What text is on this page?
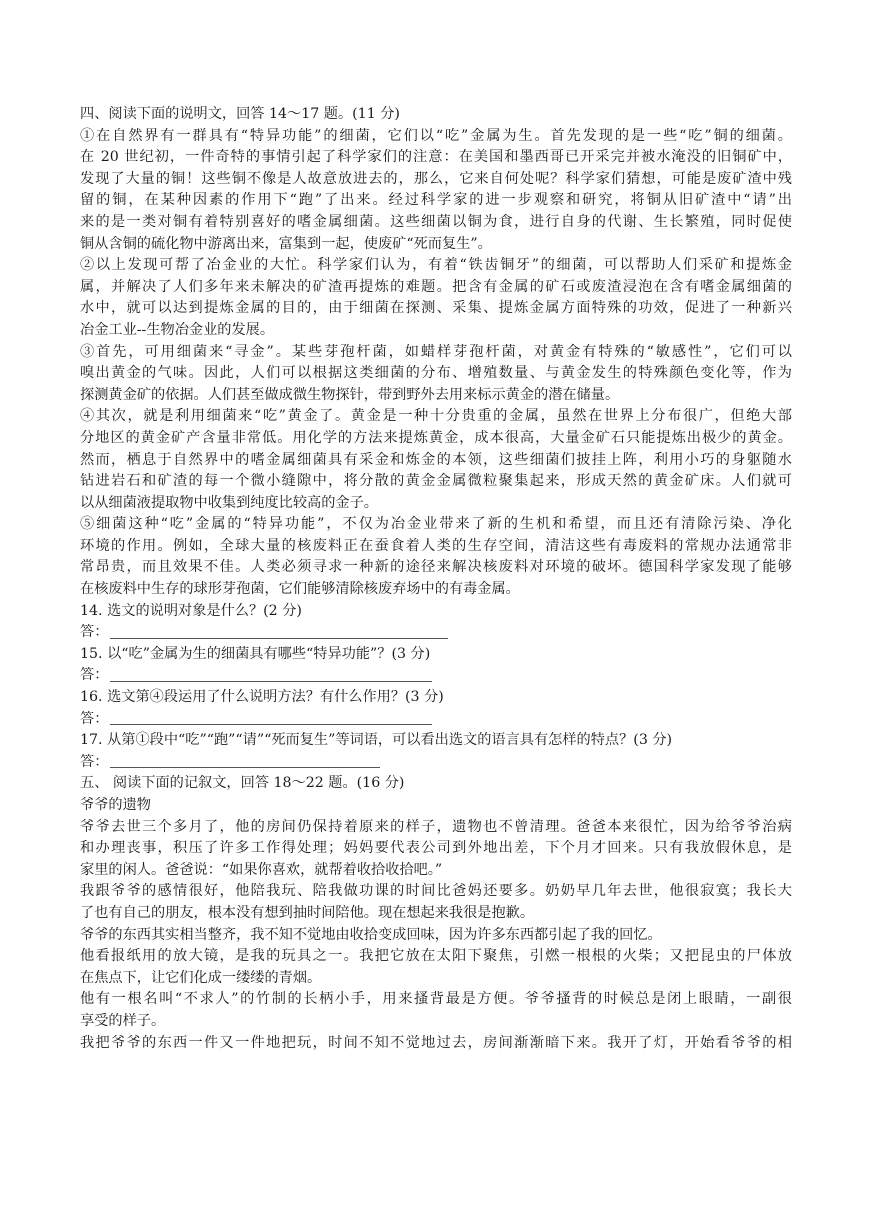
四、阅读下面的说明文，回答 14～17 题。(11 分)

①在自然界有一群具有“特异功能”的细菌，它们以“吃”金属为生。首先发现的是一些“吃”铜的细菌。

在 20 世纪初，一件奇特的事情引起了科学家们的注意：在美国和墨西哥已开采完并被水淹没的旧铜矿中，

发现了大量的铜！这些铜不像是人故意放进去的，那么，它来自何处呢？科学家们猜想，可能是废矿渣中残

留的铜，在某种因素的作用下“跑”了出来。经过科学家的进一步观察和研究，将铜从旧矿渣中“请”出

来的是一类对铜有着特别喜好的嗜金属细菌。这些细菌以铜为食，进行自身的代谢、生长繁殖，同时促使

铜从含铜的硫化物中游离出来，富集到一起，使废矿“死而复生”。

②以上发现可帮了冶金业的大忙。科学家们认为，有着“铁齿铜牙”的细菌，可以帮助人们采矿和提炼金

属，并解决了人们多年来未解决的矿渣再提炼的难题。把含有金属的矿石或废渣浸泡在含有嗜金属细菌的

水中，就可以达到提炼金属的目的，由于细菌在探测、采集、提炼金属方面特殊的功效，促进了一种新兴

冶金工业--生物冶金业的发展。

③首先，可用细菌来“寻金”。某些芽孢杆菌，如蜡样芽孢杆菌，对黄金有特殊的“敏感性”，它们可以

嗅出黄金的气味。因此，人们可以根据这类细菌的分布、增殖数量、与黄金发生的特殊颜色变化等，作为

探测黄金矿的依据。人们甚至做成微生物探针，带到野外去用来标示黄金的潜在储量。

④其次，就是利用细菌来“吃”黄金了。黄金是一种十分贵重的金属，虽然在世界上分布很广，但绝大部

分地区的黄金矿产含量非常低。用化学的方法来提炼黄金，成本很高，大量金矿石只能提炼出极少的黄金。

然而，栖息于自然界中的嗜金属细菌具有采金和炼金的本领，这些细菌们披挂上阵，利用小巧的身躯随水

钻进岩石和矿渣的每一个微小缝隙中，将分散的黄金金属微粒聚集起来，形成天然的黄金矿床。人们就可

以从细菌液提取物中收集到纯度比较高的金子。

⑤细菌这种“吃”金属的“特异功能”，不仅为冶金业带来了新的生机和希望，而且还有清除污染、净化

环境的作用。例如，全球大量的核废料正在蚕食着人类的生存空间，清洁这些有毒废料的常规办法通常非

常昂贵，而且效果不佳。人类必须寻求一种新的途径来解决核废料对环境的破坏。德国科学家发现了能够

在核废料中生存的球形芽孢菌，它们能够清除核废弃场中的有毒金属。

14. 选文的说明对象是什么？(2 分)

答：

15. 以“吃”金属为生的细菌具有哪些“特异功能”？(3 分)

答：

16. 选文第④段运用了什么说明方法？有什么作用？(3 分)

答：

17. 从第①段中“吃”“跑”“请”“死而复生”等词语，可以看出选文的语言具有怎样的特点？(3 分)

答：

五、 阅读下面的记叙文，回答 18～22 题。(16 分)

爷爷的遗物

爷爷去世三个多月了，他的房间仍保持着原来的样子，遗物也不曾清理。爸爸本来很忙，因为给爷爷治病

和办理丧事，积压了许多工作得处理；妈妈要代表公司到外地出差，下个月才回来。只有我放假休息，是

家里的闲人。爸爸说：“如果你喜欢，就帮着收拾收拾吧。”

我跟爷爷的感情很好，他陪我玩、陪我做功课的时间比爸妈还要多。奶奶早几年去世，他很寂寞；我长大

了也有自己的朋友，根本没有想到抽时间陪他。现在想起来我很是抱歉。

爷爷的东西其实相当整齐，我不知不觉地由收拾变成回味，因为许多东西都引起了我的回忆。

他看报纸用的放大镜，是我的玩具之一。我把它放在太阳下聚焦，引燃一根根的火柴；又把昆虫的尸体放

在焦点下，让它们化成一缕缕的青烟。

他有一根名叫“不求人”的竹制的长柄小手，用来搔背最是方便。爷爷搔背的时候总是闭上眼睛，一副很

享受的样子。

我把爷爷的东西一件又一件地把玩，时间不知不觉地过去，房间渐渐暗下来。我开了灯，开始看爷爷的相
